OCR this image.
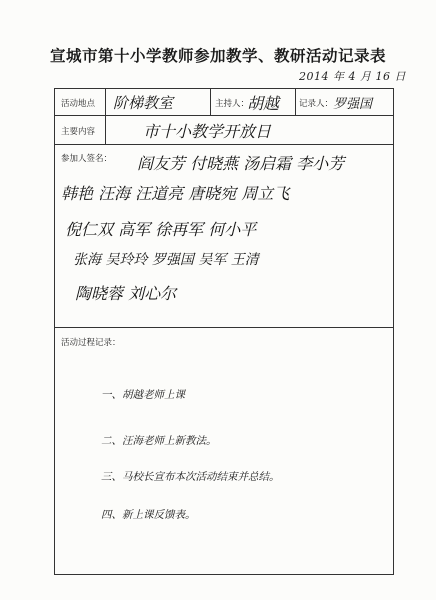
宣城市第十小学教师参加教学、教研活动记录表
2014 年 4 月 16 日
活动地点 阶梯教室	主持人：
胡越 记录人： 罗强国
主要内容	市十小教学开放日
参加人签名： 阎友芳 付晓燕 汤启霜 李小芳
韩艳 汪海 汪道亮 唐晓宛 周立飞
倪仁双 高军 徐再军 何小平
张海 吴玲玲 罗强国 吴军 王清
陶晓蓉 刘心尔
活动过程记录：
一、胡越老师上课
二、汪海老师上新教法。
三、马校长宣布本次活动结束并总结。
四、新上课反馈表。
